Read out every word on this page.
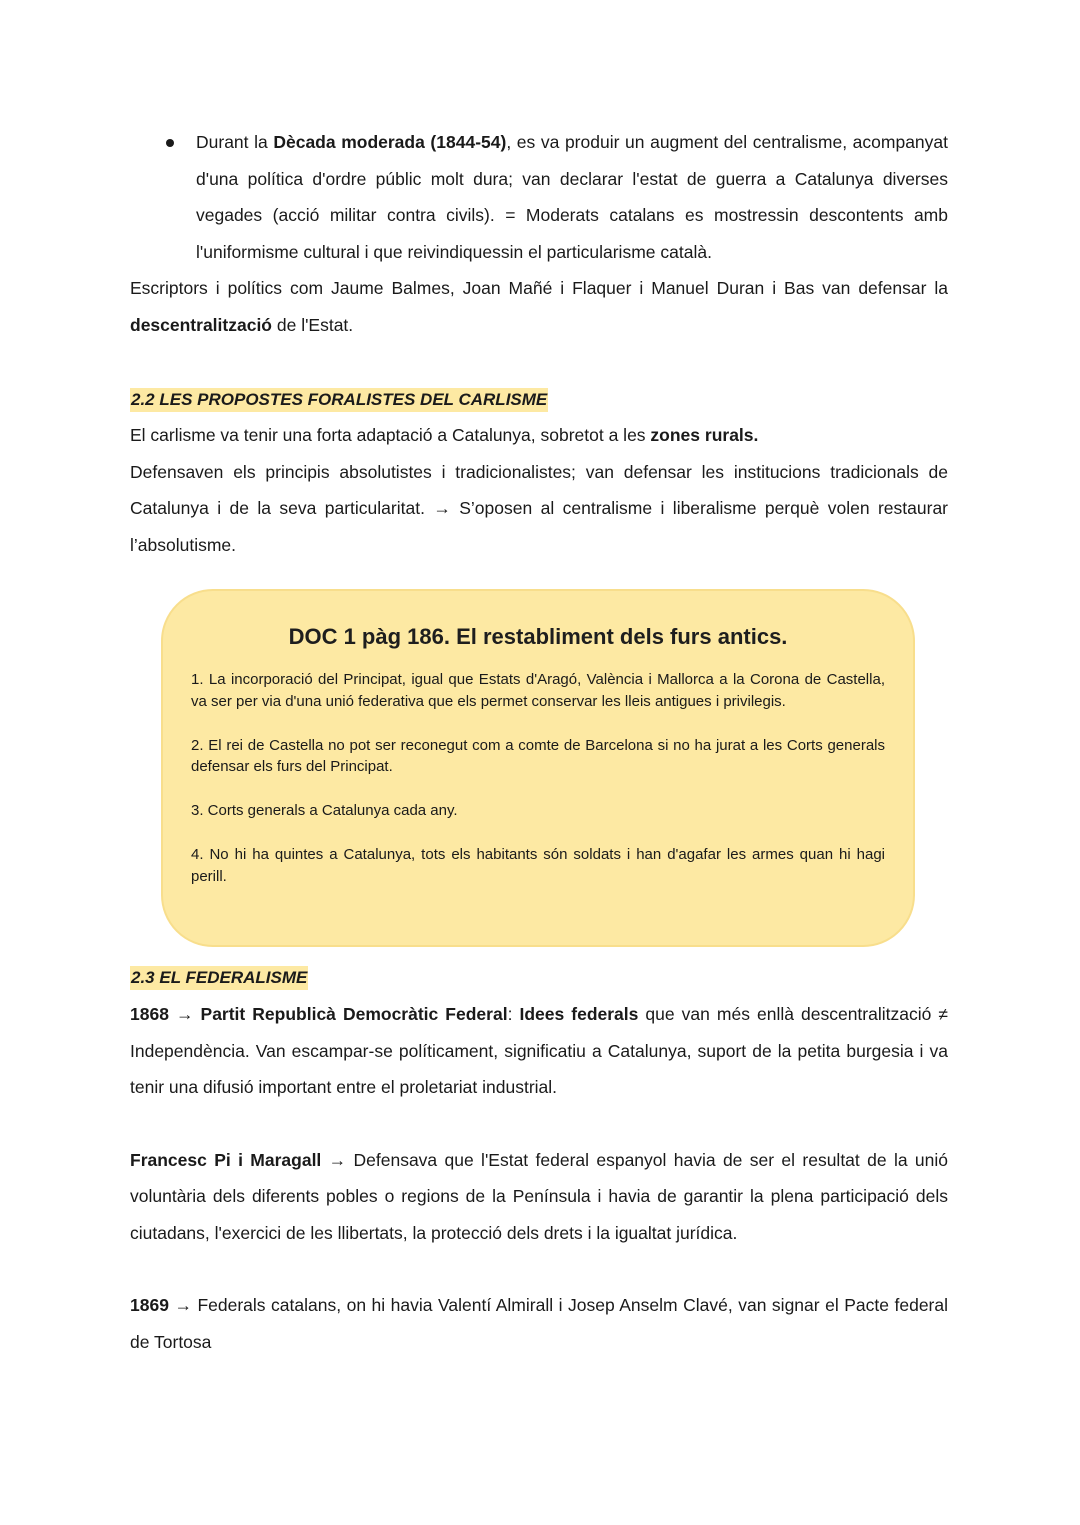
Durant la Dècada moderada (1844-54), es va produir un augment del centralisme, acompanyat d'una política d'ordre públic molt dura; van declarar l'estat de guerra a Catalunya diverses vegades (acció militar contra civils). = Moderats catalans es mostressin descontents amb l'uniformisme cultural i que reivindiquessin el particularisme català.

Escriptors i polítics com Jaume Balmes, Joan Mañé i Flaquer i Manuel Duran i Bas van defensar la descentralització de l'Estat.

2.2 LES PROPOSTES FORALISTES DEL CARLISME

El carlisme va tenir una forta adaptació a Catalunya, sobretot a les zones rurals.

Defensaven els principis absolutistes i tradicionalistes; van defensar les institucions tradicionals de Catalunya i de la seva particularitat. → S’oposen al centralisme i liberalisme perquè volen restaurar l’absolutisme.

DOC 1 pàg 186. El restabliment dels furs antics.

1. La incorporació del Principat, igual que Estats d'Aragó, València i Mallorca a la Corona de Castella, va ser per via d'una unió federativa que els permet conservar les lleis antigues i privilegis.
2. El rei de Castella no pot ser reconegut com a comte de Barcelona si no ha jurat a les Corts generals defensar els furs del Principat.
3. Corts generals a Catalunya cada any.
4. No hi ha quintes a Catalunya, tots els habitants són soldats i han d'agafar les armes quan hi hagi perill.

2.3 EL FEDERALISME

1868 → Partit Republicà Democràtic Federal: Idees federals que van més enllà descentralització ≠ Independència. Van escampar-se políticament, significatiu a Catalunya, suport de la petita burgesia i va tenir una difusió important entre el proletariat industrial.

Francesc Pi i Maragall → Defensava que l'Estat federal espanyol havia de ser el resultat de la unió voluntària dels diferents pobles o regions de la Península i havia de garantir la plena participació dels ciutadans, l'exercici de les llibertats, la protecció dels drets i la igualtat jurídica.

1869 → Federals catalans, on hi havia Valentí Almirall i Josep Anselm Clavé, van signar el Pacte federal de Tortosa
